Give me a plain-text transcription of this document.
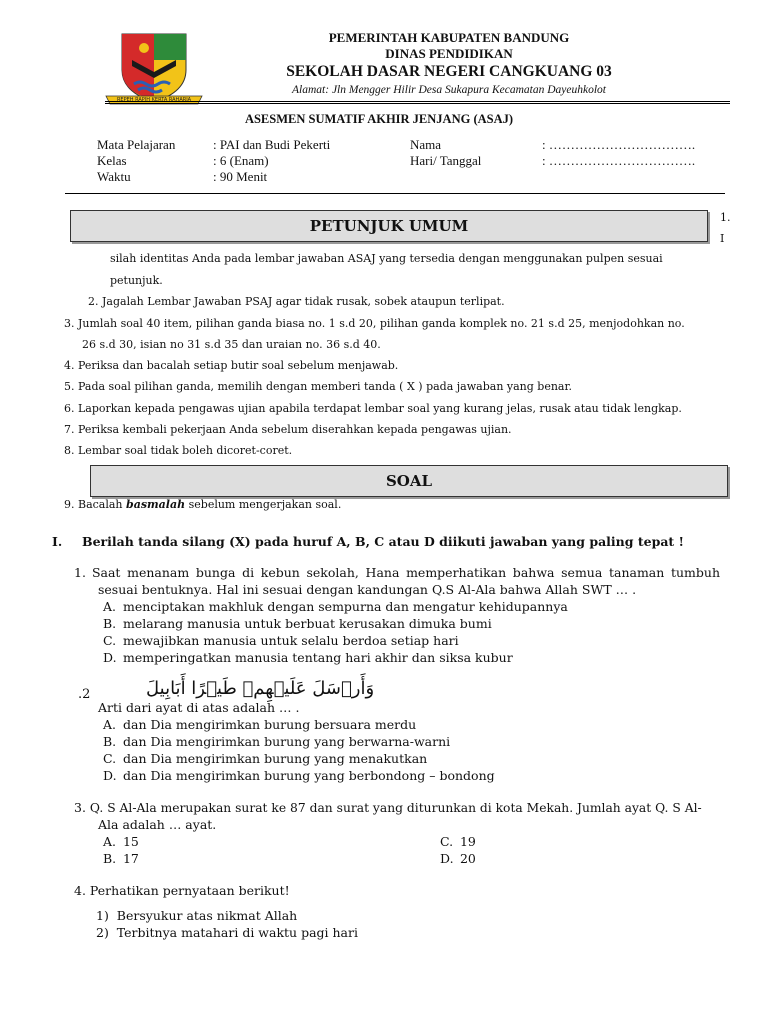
REPEH RAPIH KERTA RAHARJA
PEMERINTAH KABUPATEN BANDUNG
DINAS PENDIDIKAN
SEKOLAH DASAR NEGERI CANGKUANG 03
Alamat: Jln Mengger Hilir Desa Sukapura Kecamatan Dayeuhkolot
ASESMEN SUMATIF AKHIR JENJANG (ASAJ)
Mata Pelajaran	: PAI dan Budi Pekerti
Kelas	: 6 (Enam)
Waktu	: 90 Menit
Nama	: …………………………….
Hari/ Tanggal	: …………………………….
PETUNJUK UMUM	1.
I
silah identitas Anda pada lembar jawaban ASAJ yang tersedia dengan menggunakan pulpen sesuai
petunjuk.
2. Jagalah Lembar Jawaban PSAJ agar tidak rusak, sobek ataupun terlipat.
3. Jumlah soal 40 item, pilihan ganda biasa no. 1 s.d 20, pilihan ganda komplek no. 21 s.d 25, menjodohkan no.
26 s.d 30, isian no 31 s.d 35 dan uraian no. 36 s.d 40.
4. Periksa dan bacalah setiap butir soal sebelum menjawab.
5. Pada soal pilihan ganda, memilih dengan memberi tanda ( X ) pada jawaban yang benar.
6. Laporkan kepada pengawas ujian apabila terdapat lembar soal yang kurang jelas, rusak atau tidak lengkap.
7. Periksa kembali pekerjaan Anda sebelum diserahkan kepada pengawas ujian.
8. Lembar soal tidak boleh dicoret-coret.
SOAL
9. Bacalah basmalah sebelum mengerjakan soal.
I. Berilah tanda silang (X) pada huruf A, B, C atau D diikuti jawaban yang paling tepat !
1. Saat menanam bunga di kebun sekolah, Hana memperhatikan bahwa semua tanaman tumbuh
sesuai bentuknya. Hal ini sesuai dengan kandungan Q.S Al-Ala bahwa Allah SWT … .
A. menciptakan makhluk dengan sempurna dan mengatur kehidupannya
B. melarang manusia untuk berbuat kerusakan dimuka bumi
C. mewajibkan manusia untuk selalu berdoa setiap hari
D. memperingatkan manusia tentang hari akhir dan siksa kubur
.2	وَأَرۡسَلَ عَلَيۡهِمۡ طَيۡرًا أَبَابِيلَ
Arti dari ayat di atas adalah … .
A. dan Dia mengirimkan burung bersuara merdu
B. dan Dia mengirimkan burung yang berwarna-warni
C. dan Dia mengirimkan burung yang menakutkan
D. dan Dia mengirimkan burung yang berbondong – bondong
3. Q. S Al-Ala merupakan surat ke 87 dan surat yang diturunkan di kota Mekah. Jumlah ayat Q. S Al-
Ala adalah … ayat.
A. 15
B. 17
C. 19
D. 20
4. Perhatikan pernyataan berikut!
1) Bersyukur atas nikmat Allah
2) Terbitnya matahari di waktu pagi hari
